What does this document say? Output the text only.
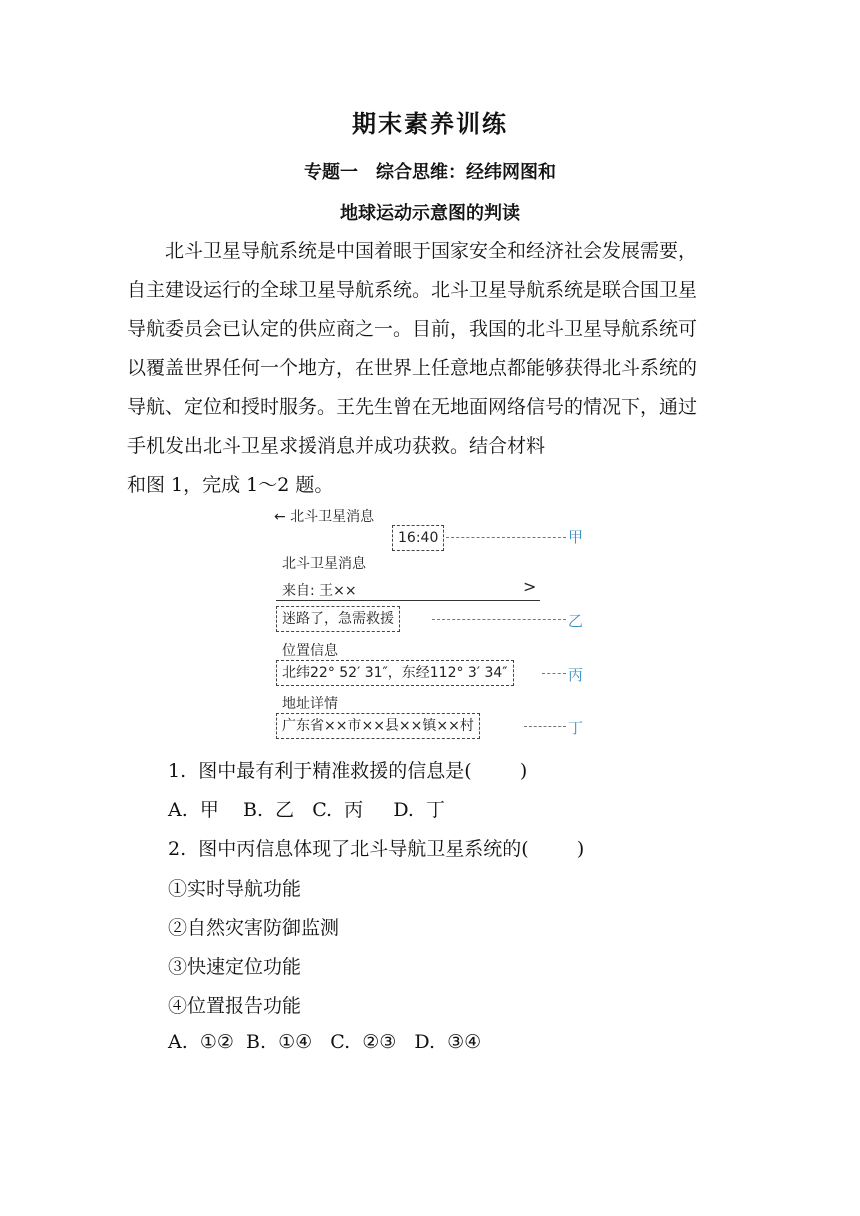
期末素养训练
专题一　综合思维：经纬网图和
地球运动示意图的判读

北斗卫星导航系统是中国着眼于国家安全和经济社会发展需要，

自主建设运行的全球卫星导航系统。北斗卫星导航系统是联合国卫星

导航委员会已认定的供应商之一。目前，我国的北斗卫星导航系统可

以覆盖世界任何一个地方，在世界上任意地点都能够获得北斗系统的

导航、定位和授时服务。王先生曾在无地面网络信号的情况下，通过

手机发出北斗卫星求援消息并成功获救。结合材料

和图 1，完成 1～2 题。

← 北斗卫星消息
16:40	甲
北斗卫星消息
来自: 王××	>
迷路了，急需救援	乙
位置信息
北纬22° 52′ 31″，东经112° 3′ 34″	丙
地址详情
广东省××市××县××镇××村	丁
1.  图中最有利于精准救援的信息是(        )
A.  甲    B.  乙   C.  丙     D.  丁
2.  图中丙信息体现了北斗导航卫星系统的(        )
①实时导航功能
②自然灾害防御监测
③快速定位功能
④位置报告功能
A.  ①②  B.  ①④   C.  ②③   D.  ③④
